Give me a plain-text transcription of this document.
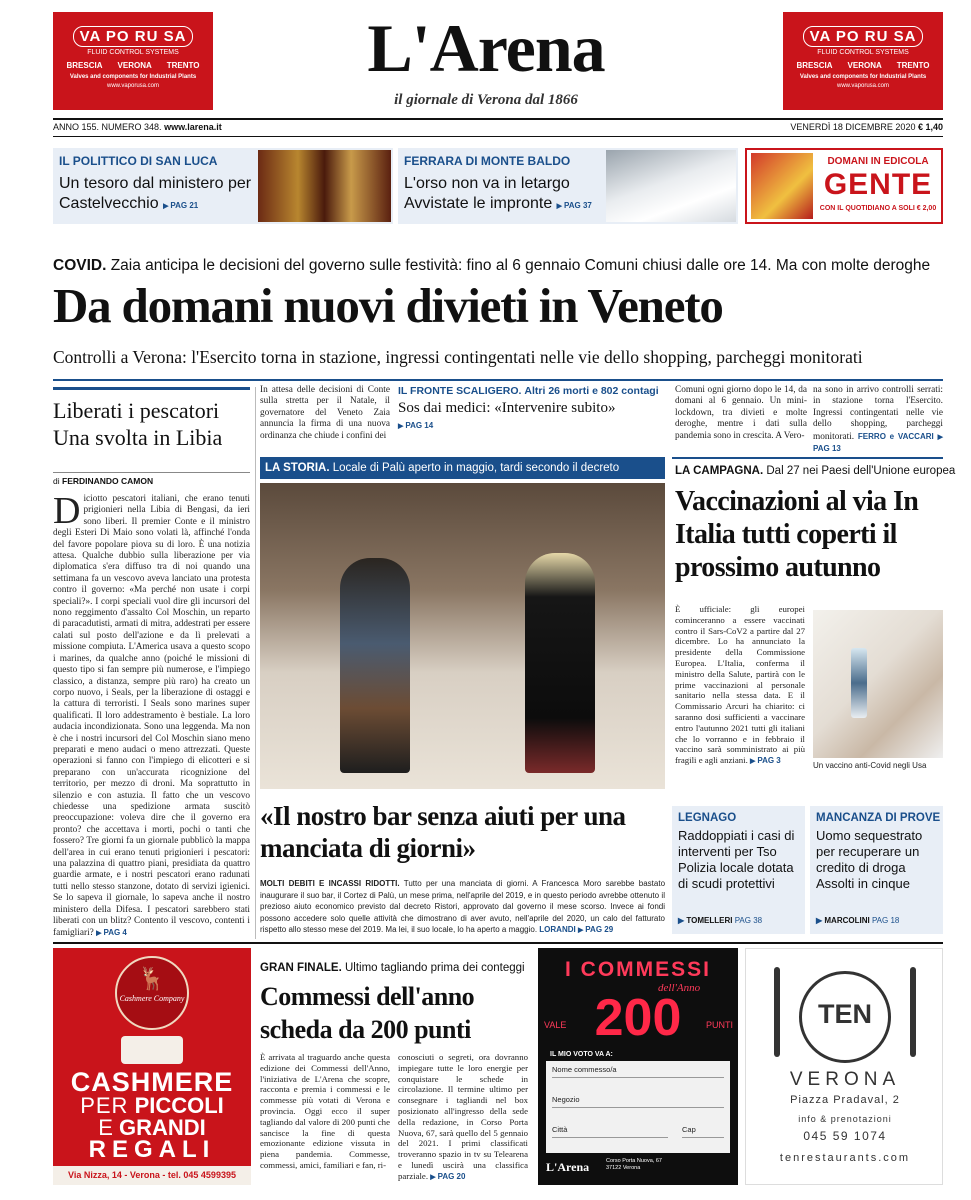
VA PO RU SA
FLUID CONTROL SYSTEMS
BRESCIA VERONA TRENTO
Valves and components for Industrial Plants
www.vaporusa.com	L'Arena
il giornale di Verona dal 1866
VA PO RU SA
FLUID CONTROL SYSTEMS
BRESCIA VERONA TRENTO
Valves and components for Industrial Plants
www.vaporusa.com
ANNO 155. NUMERO 348. www.larena.it	VENERDÌ 18 DICEMBRE 2020 € 1,40
IL POLITTICO DI SAN LUCA
Un tesoro dal ministero per Castelvecchio ▶ PAG 21
FERRARA DI MONTE BALDO
L'orso non va in letargo Avvistate le impronte ▶ PAG 37
DOMANI IN EDICOLA
GENTE
CON IL QUOTIDIANO A SOLI € 2,00
COVID. Zaia anticipa le decisioni del governo sulle festività: fino al 6 gennaio Comuni chiusi dalle ore 14. Ma con molte deroghe
Da domani nuovi divieti in Veneto
Controlli a Verona: l'Esercito torna in stazione, ingressi contingentati nelle vie dello shopping, parcheggi monitorati
Liberati i pescatori Una svolta in Libia
di FERDINANDO CAMON
Diciotto pescatori italiani, che erano tenuti prigionieri nella Libia di Bengasi, da ieri sono liberi. Il premier Conte e il ministro degli Esteri Di Maio sono volati là, affinché l'onda del favore popolare piova su di loro. È una notizia attesa. Qualche dubbio sulla liberazione per via diplomatica s'era diffuso tra di noi quando una settimana fa un vescovo aveva lanciato una protesta contro il governo: «Ma perché non usate i corpi speciali?». I corpi speciali vuol dire gli incursori del nono reggimento d'assalto Col Moschin, un reparto di paracadutisti, armati di mitra, addestrati per essere calati sul posto dell'azione e da lì prelevati a missione compiuta. L'America usava a questo scopo i marines, da qualche anno (poiché le missioni di questo tipo si fan sempre più numerose, e l'impiego classico, a distanza, sempre più raro) ha creato un corpo nuovo, i Seals, per la liberazione di ostaggi e la cattura di terroristi. I Seals sono marines super qualificati. Il loro addestramento è bestiale. La loro audacia incondizionata. Sono una leggenda. Ma non è che i nostri incursori del Col Moschin siano meno preparati e meno audaci o meno attrezzati. Queste operazioni si fanno con l'impiego di elicotteri e si preparano con un'accurata ricognizione del territorio, per mezzo di droni. Ma soprattutto in silenzio e con astuzia. Il fatto che un vescovo chiedesse una spedizione armata suscitò preoccupazione: voleva dire che il governo era pronto? che accettava i morti, pochi o tanti che fossero? Tre giorni fa un giornale pubblicò la mappa dell'area in cui erano tenuti prigionieri i pescatori: una palazzina di quattro piani, presidiata da quattro guardie armate, e i nostri pescatori erano radunati tutti nello stesso stanzone, dotato di servizi igienici. Se lo sapeva il giornale, lo sapeva anche il nostro ministero della Difesa. I pescatori sarebbero stati liberati con un blitz? Contento il vescovo, contenti i famigliari? ▶ PAG 4
In attesa delle decisioni di Conte sulla stretta per il Natale, il governatore del Veneto Zaia annuncia la firma di una nuova ordinanza che chiude i confini dei
IL FRONTE SCALIGERO. Altri 26 morti e 802 contagi
Sos dai medici: «Intervenire subito»
▶ PAG 14
Comuni ogni giorno dopo le 14, da domani al 6 gennaio. Un mini-lockdown, tra divieti e molte deroghe, mentre i dati sulla pandemia sono in crescita. A Vero-
na sono in arrivo controlli serrati: in stazione torna l'Esercito. Ingressi contingentati nelle vie dello shopping, parcheggi monitorati. FERRO e VACCARI ▶ PAG 13
LA STORIA. Locale di Palù aperto in maggio, tardi secondo il decreto
«Il nostro bar senza aiuti per una manciata di giorni»
MOLTI DEBITI E INCASSI RIDOTTI. Tutto per una manciata di giorni. A Francesca Moro sarebbe bastato inaugurare il suo bar, il Cortez di Palù, un mese prima, nell'aprile del 2019, e in questo periodo avrebbe ottenuto il prezioso aiuto economico previsto dal decreto Ristori, approvato dal governo il mese scorso. Invece ai fondi possono accedere solo quelle attività che dimostrano di aver avuto, nell'aprile del 2020, un calo del fatturato rispetto allo stesso mese del 2019. Ma lei, il suo locale, lo ha aperto a maggio. LORANDI ▶ PAG 29
LA CAMPAGNA. Dal 27 nei Paesi dell'Unione europea
Vaccinazioni al via In Italia tutti coperti il prossimo autunno
È ufficiale: gli europei cominceranno a essere vaccinati contro il Sars-CoV2 a partire dal 27 dicembre. Lo ha annunciato la presidente della Commissione Europea. L'Italia, conferma il ministro della Salute, partirà con le prime vaccinazioni al personale sanitario nella stessa data. E il Commissario Arcuri ha chiarito: ci saranno dosi sufficienti a vaccinare entro l'autunno 2021 tutti gli italiani che lo vorranno e in febbraio il vaccino sarà somministrato ai più fragili e agli anziani. ▶ PAG 3
Un vaccino anti-Covid negli Usa
LEGNAGO
Raddoppiati i casi di interventi per Tso Polizia locale dotata di scudi protettivi
▶ TOMELLERI PAG 38
MANCANZA DI PROVE
Uomo sequestrato per recuperare un credito di droga Assolti in cinque
▶ MARCOLINI PAG 18
🦌
Cashmere Company
CASHMERE
PER PICCOLI
E GRANDI
REGALI
Via Nizza, 14 - Verona - tel. 045 4599395
GRAN FINALE. Ultimo tagliando prima dei conteggi
Commessi dell'anno scheda da 200 punti
È arrivata al traguardo anche questa edizione dei Commessi dell'Anno, l'iniziativa de L'Arena che scopre, racconta e premia i commessi e le commesse più votati di Verona e provincia. Oggi ecco il super tagliando dal valore di 200 punti che sancisce la fine di questa emozionante edizione vissuta in piena pandemia. Commesse, commessi, amici, familiari e fan, ri-
conosciuti o segreti, ora dovranno impiegare tutte le loro energie per conquistare le schede in circolazione. Il termine ultimo per consegnare i tagliandi nel box posizionato all'ingresso della sede della redazione, in Corso Porta Nuova, 67, sarà quello del 5 gennaio del 2021. I primi classificati troveranno spazio in tv su Telearena e lunedì uscirà una classifica parziale. ▶ PAG 20
I COMMESSI
dell'Anno
VALE 200	PUNTI
IL MIO VOTO VA A:
Nome commesso/a
Negozio
Città	Cap
L'Arena	Corso Porta Nuova, 67 37122 Verona
TEN
VERONA
Piazza Pradaval, 2
info & prenotazioni
045 59 1074
tenrestaurants.com
